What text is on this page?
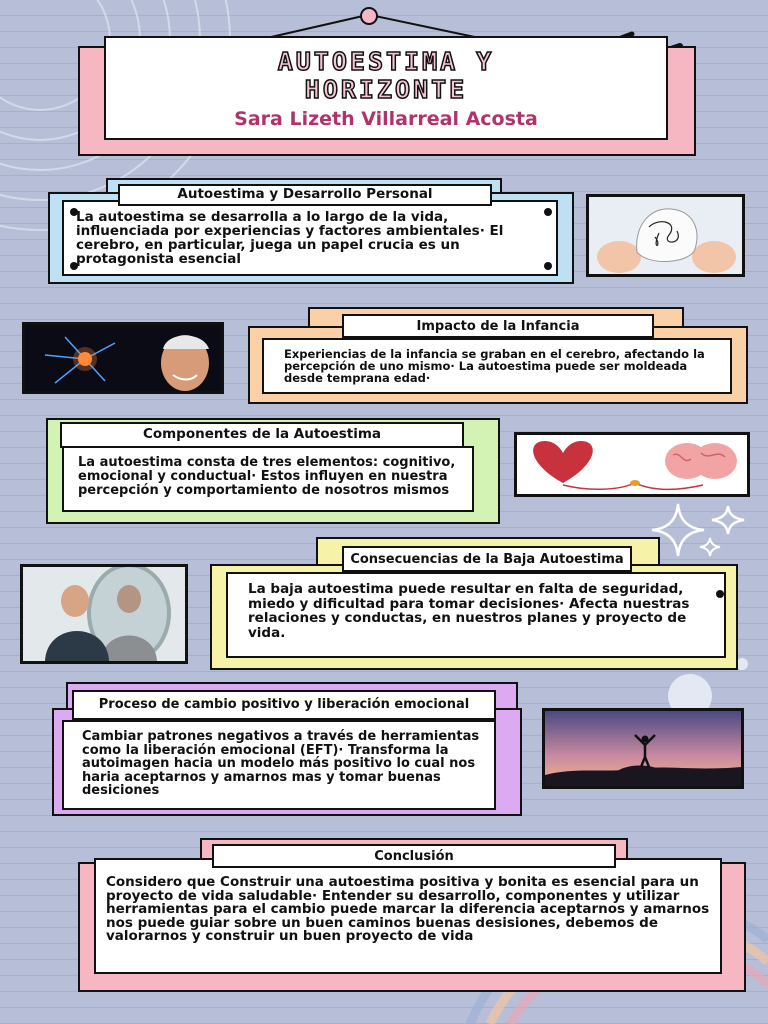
AUTOESTIMA Y
HORIZONTE
Sara Lizeth Villarreal Acosta
La autoestima se desarrolla a lo largo de la vida, influenciada por experiencias y factores ambientales· El cerebro, en particular, juega un papel crucia es un protagonista esencial
Autoestima y Desarrollo Personal
Experiencias de la infancia se graban en el cerebro, afectando la percepción de uno mismo· La autoestima puede ser moldeada desde temprana edad·
Impacto de la Infancia
La autoestima consta de tres elementos: cognitivo, emocional y conductual· Estos influyen en nuestra percepción y comportamiento de nosotros mismos
Componentes de la Autoestima
La baja autoestima puede resultar en falta de seguridad, miedo y dificultad para tomar decisiones· Afecta nuestras relaciones y conductas, en nuestros planes y proyecto de vida.
Consecuencias de la Baja Autoestima
Cambiar patrones negativos a través de herramientas como la liberación emocional (EFT)· Transforma la autoimagen hacia un modelo más positivo lo cual nos haria aceptarnos y amarnos mas y tomar buenas desiciones
Proceso de cambio positivo y liberación emocional
Considero que Construir una autoestima positiva y bonita es esencial para un proyecto de vida saludable· Entender su desarrollo, componentes y utilizar herramientas para el cambio puede marcar la diferencia aceptarnos y amarnos nos puede guiar sobre un buen caminos buenas desisiones, debemos de valorarnos y construir un buen proyecto de vida
Conclusión
